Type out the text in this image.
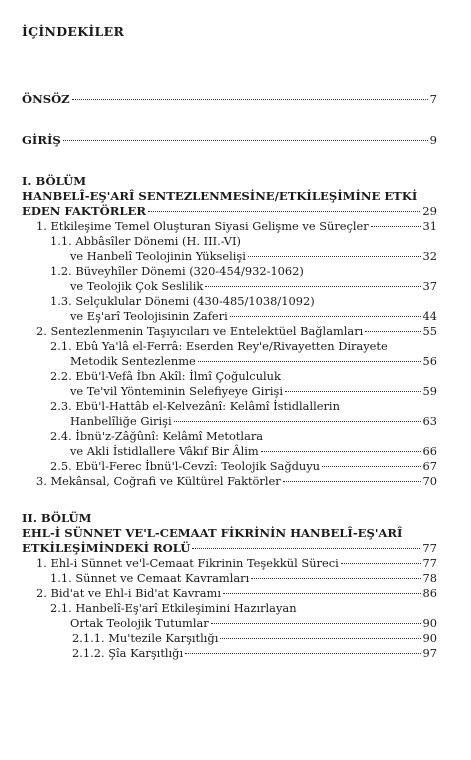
İÇİNDEKİLER
ÖNSÖZ	7
GİRİŞ	9
I. BÖLÜM
HANBELÎ-EŞ'ARÎ SENTEZLENMESİNE/ETKİLEŞİMİNE ETKİ
EDEN FAKTÖRLER	29
1. Etkileşime Temel Oluşturan Siyasi Gelişme ve Süreçler	31
1.1. Abbâsîler Dönemi (H. III.-VI)
ve Hanbelî Teolojinin Yükselişi	32
1.2. Büveyhîler Dönemi (320-454/932-1062)
ve Teolojik Çok Seslilik	37
1.3. Selçuklular Dönemi (430-485/1038/1092)
ve Eş'arî Teolojisinin Zaferi	44
2. Sentezlenmenin Taşıyıcıları ve Entelektüel Bağlamları	55
2.1. Ebû Ya'lâ el-Ferrâ: Eserden Rey'e/Rivayetten Dirayete
Metodik Sentezlenme	56
2.2. Ebü'l-Vefâ İbn Akîl: İlmî Çoğulculuk
ve Te'vil Yönteminin Selefiyeye Girişi	59
2.3. Ebü'l-Hattâb el-Kelvezânî: Kelâmî İstidlallerin
Hanbelîliğe Girişi	63
2.4. İbnü'z-Zâğûnî: Kelâmî Metotlara
ve Akli İstidlallere Vâkıf Bir Âlim	66
2.5. Ebü'l-Ferec İbnü'l-Cevzî: Teolojik Sağduyu	67
3. Mekânsal, Coğrafi ve Kültürel Faktörler	70
II. BÖLÜM
EHL-İ SÜNNET VE'L-CEMAAT FİKRİNİN HANBELÎ-EŞ'ARÎ
ETKİLEŞİMİNDEKİ ROLÜ	77
1. Ehl-i Sünnet ve'l-Cemaat Fikrinin Teşekkül Süreci	77
1.1. Sünnet ve Cemaat Kavramları	78
2. Bid'at ve Ehl-i Bid'at Kavramı	86
2.1. Hanbelî-Eş'arî Etkileşimini Hazırlayan
Ortak Teolojik Tutumlar	90
2.1.1. Mu'tezile Karşıtlığı	90
2.1.2. Şîa Karşıtlığı	97
